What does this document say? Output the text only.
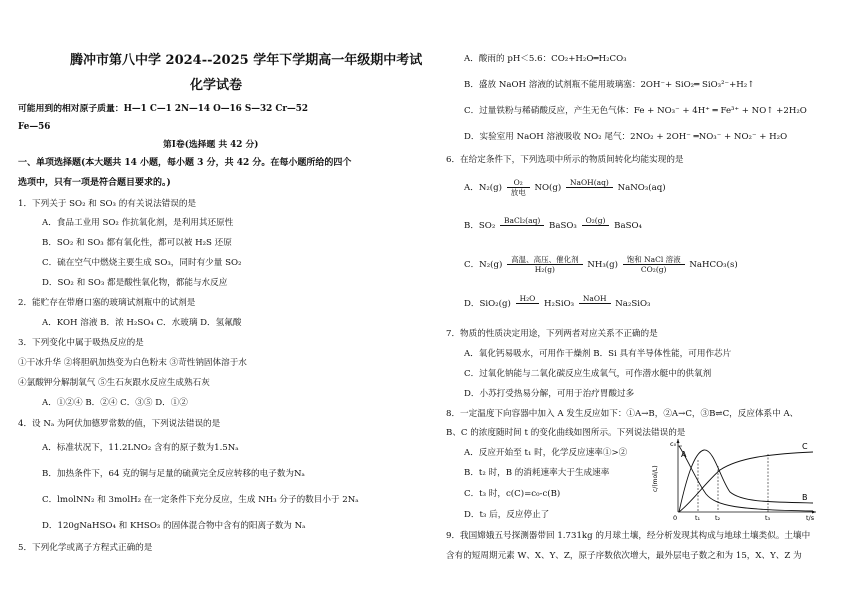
腾冲市第八中学 2024--2025 学年下学期高一年级期中考试
化学试卷
可能用到的相对原子质量：H—1 C—1 2N—14 O—16 S—32 Cr—52
Fe—56
第Ⅰ卷(选择题 共 42 分)
一、单项选择题(本大题共 14 小题，每小题 3 分，共 42 分。在每小题所给的四个
选项中，只有一项是符合题目要求的。)
1．下列关于 SO₂ 和 SO₃ 的有关说法错误的是
A．食品工业用 SO₂ 作抗氧化剂，是利用其还原性
B．SO₂ 和 SO₃ 都有氧化性，都可以被 H₂S 还原
C．硫在空气中燃烧主要生成 SO₃，同时有少量 SO₂
D．SO₂ 和 SO₃ 都是酸性氧化物，都能与水反应
2．能贮存在带磨口塞的玻璃试剂瓶中的试剂是
A．KOH 溶液 B．浓 H₂SO₄ C．水玻璃 D．氢氟酸
3．下列变化中属于吸热反应的是
①干冰升华 ②将胆矾加热变为白色粉末 ③苛性钠固体溶于水
④氯酸钾分解制氧气 ⑤生石灰跟水反应生成熟石灰
A．①②④ B．②④ C．③⑤ D．①②
4．设 Nₐ 为阿伏加德罗常数的值，下列说法错误的是
A．标准状况下，11.2LNO₂ 含有的原子数为1.5Nₐ
B．加热条件下，64 克的铜与足量的硫黄完全反应转移的电子数为Nₐ
C．lmolNN₂ 和 3molH₂ 在一定条件下充分反应，生成 NH₃ 分子的数目小于 2Nₐ
D．120gNaHSO₄ 和 KHSO₃ 的固体混合物中含有的阳离子数为 Nₐ
5．下列化学或离子方程式正确的是
A．酸雨的 pH＜5.6：CO₂+H₂O═H₂CO₃
B．盛放 NaOH 溶液的试剂瓶不能用玻璃塞：2OH⁻+ SiO₂═ SiO₃²⁻+H₂↑
C．过量铁粉与稀硝酸反应，产生无色气体：Fe + NO₃⁻ + 4H⁺ ═ Fe³⁺ + NO↑ +2H₂O
D．实验室用 NaOH 溶液吸收 NO₂ 尾气：2NO₂ + 2OH⁻ ═NO₃⁻ + NO₂⁻ + H₂O
6．在给定条件下，下列选项中所示的物质间转化均能实现的是
A．$N_2(g) \frac{\text{O₂}}{\text{放电}} NO(g)$
NaOH(aq)
NaNO₃(aq)
B．SO₂
BaCl₂(aq)
BaSO₃
O₂(g)
BaSO₄
C．$N_2(g) \frac{\text{高温、高压、催化剂}}{\text{H₂(g)}} NH_3(g) \frac{\text{饱和 NaCl 溶液}}{\text{CO₂(g)}}$ NaHCO₃(s)
D．SiO₂(g)
H₂O
H₂SiO₃
NaOH
Na₂SiO₃
7．物质的性质决定用途，下列两者对应关系不正确的是
A．氧化钙易吸水，可用作干燥剂 B．Si 具有半导体性能，可用作芯片
C．过氧化钠能与二氧化碳反应生成氧气，可作潜水艇中的供氧剂
D．小苏打受热易分解，可用于治疗胃酸过多
8．一定温度下向容器中加入 A 发生反应如下：①A→B，②A→C，③B⇌C，反应体系中 A、
B、C 的浓度随时间 t 的变化曲线如图所示。下列说法错误的是
A．反应开始至 t₁ 时，化学反应速率①>②
B．t₂ 时，B 的消耗速率大于生成速率
C．t₃ 时，c(C)=c₀-c(B)
D．t₃ 后，反应停止了
9．我国嫦娥五号探测器带回 1.731kg 的月球土壤，经分析发现其构成与地球土壤类似。土壤中
含有的短周期元素 W、X、Y、Z，原子序数依次增大，最外层电子数之和为 15，X、Y、Z 为
c₀
c/(mol/L)
0	t₁ t₂	t₃	t/s
A
B
C
